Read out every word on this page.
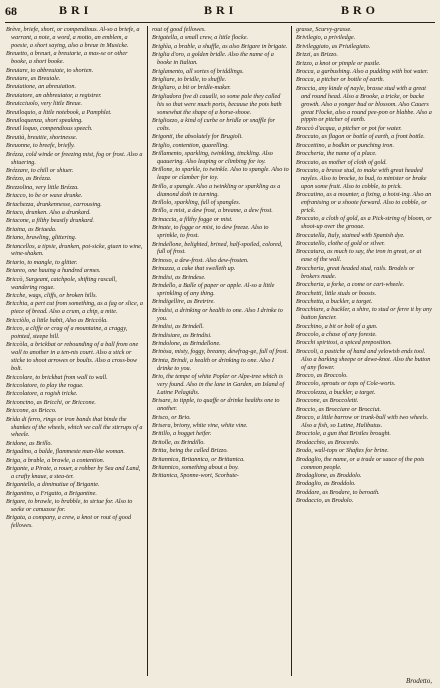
68	BRI	BRI	BRO
Brève, briefe, short, or compendious. Al-so a briefe, a warrant, a note, a word, a motto, an emblem, a poesie, a short saying, also a breue in Musicke.
Breuetto, a breuet, a breuiarie, a mas-se or other booke, a short booke.
Breuiare, to abbreuiate, to shorten.
Breuiare, as Breuiale.
Breuiatione, an abreuiation.
Breuiatore, an abbreuiator, a registrer.
Breuicciuolo, very little Breue.
Breuiloquio, a little notebook, a Pamphlet.
Breuiloquenza, short speaking.
Breuil loquo, compendious speech.
Breuità, breuitie, shortnesse.
Breuonne, to breefe, briefly.
Brézza, cold winde or freezing mist, fog or frost. Also a shiuering.
Brézzare, to chill or shiuer.
Brézzo, as Brézza.
Brezzolina, very little Brézza.
Briacco, to be or waxe drunke.
Briachezza, drunkennesse, carrousing.
Briaco, drunken. Also a drunkard.
Briacone, a filthy beastly drunkard.
Briaina, as Briaeda.
Briano, brawling, glittering.
Briancellos, a tipsie, drunken, pot-sicke, giuen to wine, wine-shaken.
Briario, to mangle, to glitter.
Briareo, one hauing a hundred armes.
Briccò, Surgeant, catchpole, shifting rascall, wandering rogue.
Bricche, wags, cliffs, or broken hills.
Bricchia, a pert cut from something, as a fag or slice, a piece of bread. Also a crum, a chip, a mite.
Bricciòlo, a little habit, Also as Briccòla.
Bricco, a cliffe or crag of a mountaine, a craggy, pointed, steepe hill.
Briccòla, a brickbat or rebounding of a ball from one wall to another in a ten-nis court. Also a stick or sticke to shoot arrowes or boults. Also a cross-bow bolt.
Briccolare, to brickbat from wall to wall.
Briccolatore, to play the rogue.
Briccolatore, a rogish tricke.
Briconcino, as Bricchi, or Briccone.
Briccone, as Bricco.
Brìda di ferro, rings or iron bands that binde the shankes of the wheels, which we call the stirrups of a wheele.
Bridone, as Brillo.
Brigadino, a balde, flammeste man-like woman.
Briga, a brable, a brawle, a contention.
Brigante, a Pirate, a rouer, a robber by Sea and Land, a crafty knaue, a stea-ter.
Brigantello, a diminutiue of Brigante.
Brigantino, a Frigatto, a Brigantine.
Brigare, to brawle, to brabble, to striue for. Also to seeke or canuasse for.
Brigata, a company, a crew, a knot or rout of good fellowes.
rout of good fellowes.
Brigatella, a small crew, a little flocke.
Brighìa, a brable, a shuffle, as also Brigare in brigate.
Briglia d'oro, a golden bridle. Also the name of a booke in Italian.
Briglamento, all sortes of briddlings.
Brigliare, to bridle, to shuffle.
Brigliaro, a bit or bridle-maker.
Brigliadora five di caualli, so some pale they called his so that were much ports, because the pots hath somewhat the shape of a horse-shooe.
Brigliozzo, a kind of curbe or bridle or snaffle for colts.
Brigonti, the absolutely for Brugioli.
Briglio, contention, quarelling.
Brillamento, sparkling, twinkling, tinckling. Also quauering. Also leaping or climbing for ioy.
Brillone, to sparkle, to twinkle. Also to spangle. Also to leape or clamber for ioy.
Brillo, a spangle. Also a twinkling or sparkling as a diamond doth in turning.
Brillolo, sparkling, full of spangles.
Brillo, a mist, a dew frost, a breame, a dew frost.
Brinaccia, a filthy fogge or mist.
Brinate, to fogge or mist, to dew freeze. Also to sprinkle, to frost.
Brindellone, belighted, brined, half-spoiled, colored, full of frost.
Brinoso, a dew-frost. Also dew-frosten.
Brinuzza, a cake that swelleth up.
Brindisi, as Brindese.
Brindello, a Balle of paper or apple. Al-so a little sprinkling of any thing.
Brindigellire, as Bretrire.
Brìndisi, a drinking or health to one. Also I drinke to you.
Brindisi, as Brindell.
Brindisiare, as Brindisi.
Brindolone, as Brindellone.
Brinòsa, misty, foggy, breamy, dewfrag-ge, full of frost.
Brinta, Brindi, a health or drinking to one. Also I drinke to you.
Brio, the tempe of white Popler or Alpe-tree which is very found. Also in the lane in Garden, an Island of Latine Pelagidis.
Brisare, to tipple, to quaffe or drinke healths one to another.
Brisco, or Brio.
Brisera, briony, white vine, white vine.
Britillo, a hogget heifer.
Britolle, as Brindillo.
Britta, being the called Brizzo.
Britannica, Britannica, or Brittanica.
Britannico, something about a boy.
Brittanica, Sponne-wort, Scorbute-
grasse, Scurvy-grasse.
Brivilegio, a priviledge.
Brivileggiato, as Priuilegiato.
Brizzi, as Brizzo.
Brizzo, a knot or pimple or pustle.
Brocca, a garbushing. Also a pudding with hot water.
Brocca, a pitcher or bottle of earth.
Broccia, any kinde of nayle, brasse stud with a great and round head. Also a Brooke, a tricke, or backe growth. Also a yonger bud or blossom. Also Cauers great Flocke, also a round pee-pon or blabbe. Also a pippin or pitcher of earth.
Broccò d'acqua, a pitcher or pot for water.
Broccato, as flagon or bottle of earth, a front bottle.
Broccettino, a bodkin or punching iron.
Broccheria, the name of a place.
Broccato, as mother of cloth of gold.
Broccato, a brasse stud, to make with great headed nayles. Also to brocke, to bud, to minister or brake upon some fruit. Also to cobble, to prick.
Broccatino, as a mounter, a fixing, a hoist-ing. Also an enfranising or a shoote forward. Also to cobble, or prick.
Broccato, a cloth of gold, as a Pick-string of bloom, or shoot-up over the grooue.
Broccatella, Italy, stained with Spanish dye.
Broccatello, clothe of gold or silver.
Broccatura, as much to say, the iron in great, or at ease of the wall.
Broccheria, great headed stud, rails. Brodels or brokers made.
Broccheria, a forke, a come or cart-wheele.
Brocchetti, little studs or boosts.
Brocchetta, a buckler, a target.
Brocchiare, a buckler, a shire, to stud or ferre it by any button fancier.
Brocchino, a bit or bolt of a gun.
Broccolo, a chase of any foreste.
Brocchi spiritosi, a spiced preposition.
Broccoli, a pastiche of hand and yelowish ends tool. Also a barking sheepe or dewe-knot. Also the button of any flower.
Brocco, as Broccolo.
Broccolo, sprouts or tops of Cole-worts.
Broccolezza, a buckler, a target.
Broccone, as Broccoletti.
Broccio, as Brocciare or Brocciut.
Brocco, a little barrow or trunk-bull with two wheels. Also a fish, so Latine, Halibutus.
Brocciole, a gun that Bristles brought.
Brodacchio, as Brocerdo.
Brodo, wall-tops or Shaftes for brine.
Brodaglio, the name, or a trade or sauce of the pots common people.
Brodaglione, as Broddolo.
Brodaglio, as Broddolo.
Broddare, as Brodare, to beroath.
Brodaccio, as Brodolo.
Brodetto,
